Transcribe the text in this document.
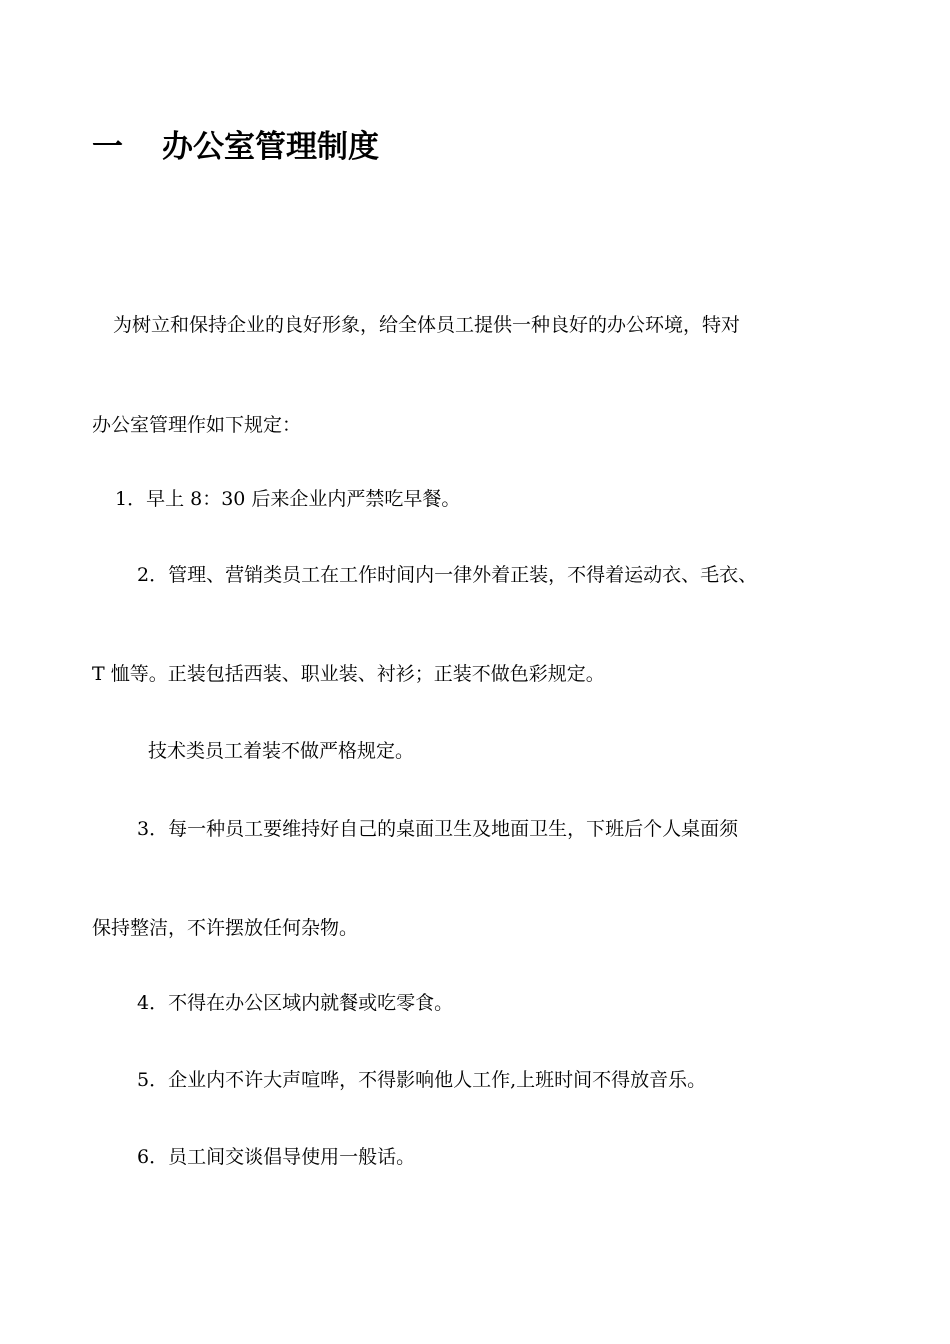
一 办公室管理制度
为树立和保持企业的良好形象，给全体员工提供一种良好的办公环境，特对
办公室管理作如下规定：
1．早上 8：30 后来企业内严禁吃早餐。
2．管理、营销类员工在工作时间内一律外着正装，不得着运动衣、毛衣、
T 恤等。正装包括西装、职业装、衬衫；正装不做色彩规定。
技术类员工着装不做严格规定。
3．每一种员工要维持好自己的桌面卫生及地面卫生，下班后个人桌面须
保持整洁，不许摆放任何杂物。
4．不得在办公区域内就餐或吃零食。
5．企业内不许大声喧哗，不得影响他人工作,上班时间不得放音乐。
6．员工间交谈倡导使用一般话。
